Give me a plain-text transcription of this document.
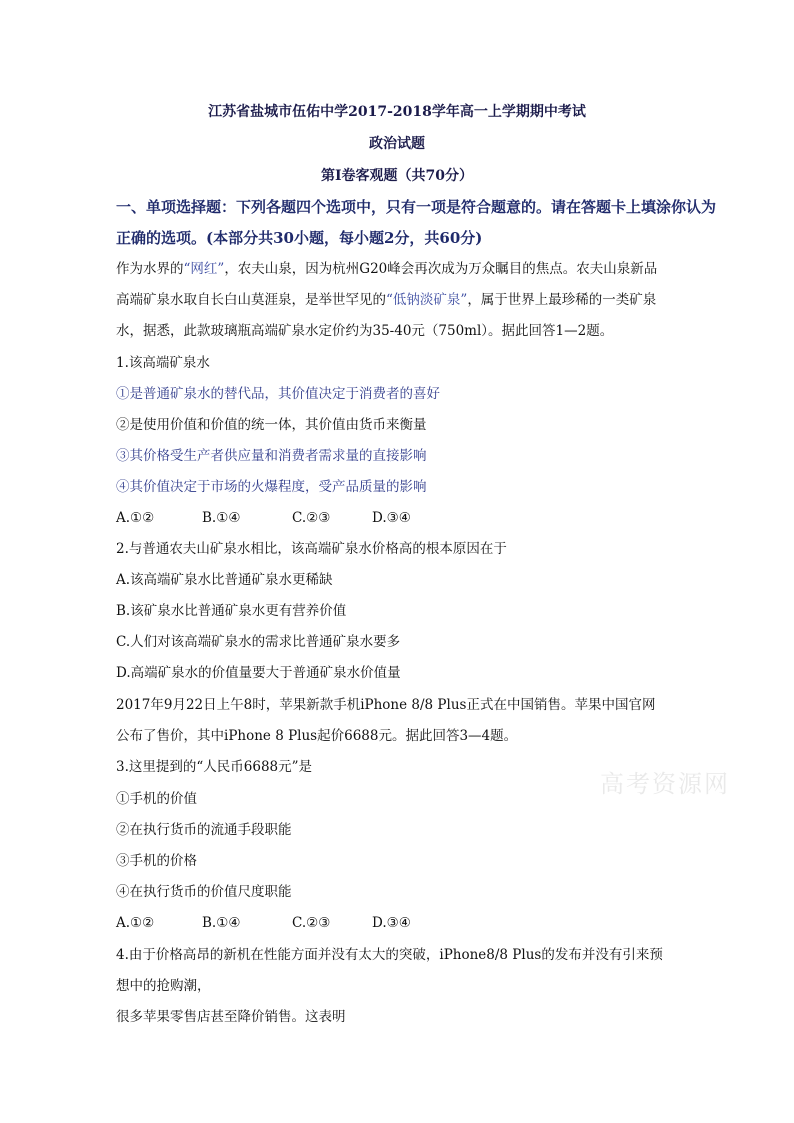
江苏省盐城市伍佑中学2017-2018学年高一上学期期中考试
政治试题
第Ⅰ卷客观题（共70分）
一、单项选择题：下列各题四个选项中，只有一项是符合题意的。请在答题卡上填涂你认为
正确的选项。(本部分共30小题，每小题2分，共60分)
作为水界的“网红”，农夫山泉，因为杭州G20峰会再次成为万众瞩目的焦点。农夫山泉新品
高端矿泉水取自长白山莫涯泉，是举世罕见的“低钠淡矿泉”，属于世界上最珍稀的一类矿泉
水，据悉，此款玻璃瓶高端矿泉水定价约为35-40元（750ml）。据此回答1—2题。
1.该高端矿泉水
①是普通矿泉水的替代品，其价值决定于消费者的喜好
②是使用价值和价值的统一体，其价值由货币来衡量
③其价格受生产者供应量和消费者需求量的直接影响
④其价值决定于市场的火爆程度，受产品质量的影响
A.①②	B.①④	C.②③	D.③④
2.与普通农夫山矿泉水相比，该高端矿泉水价格高的根本原因在于
A.该高端矿泉水比普通矿泉水更稀缺
B.该矿泉水比普通矿泉水更有营养价值
C.人们对该高端矿泉水的需求比普通矿泉水要多
D.高端矿泉水的价值量要大于普通矿泉水价值量
2017年9月22日上午8时，苹果新款手机iPhone 8/8 Plus正式在中国销售。苹果中国官网
公布了售价，其中iPhone 8 Plus起价6688元。据此回答3—4题。
3.这里提到的“人民币6688元”是
①手机的价值
②在执行货币的流通手段职能
③手机的价格
④在执行货币的价值尺度职能
A.①②	B.①④	C.②③	D.③④
4.由于价格高昂的新机在性能方面并没有太大的突破，iPhone8/8 Plus的发布并没有引来预
想中的抢购潮，
很多苹果零售店甚至降价销售。这表明
高考资源网
